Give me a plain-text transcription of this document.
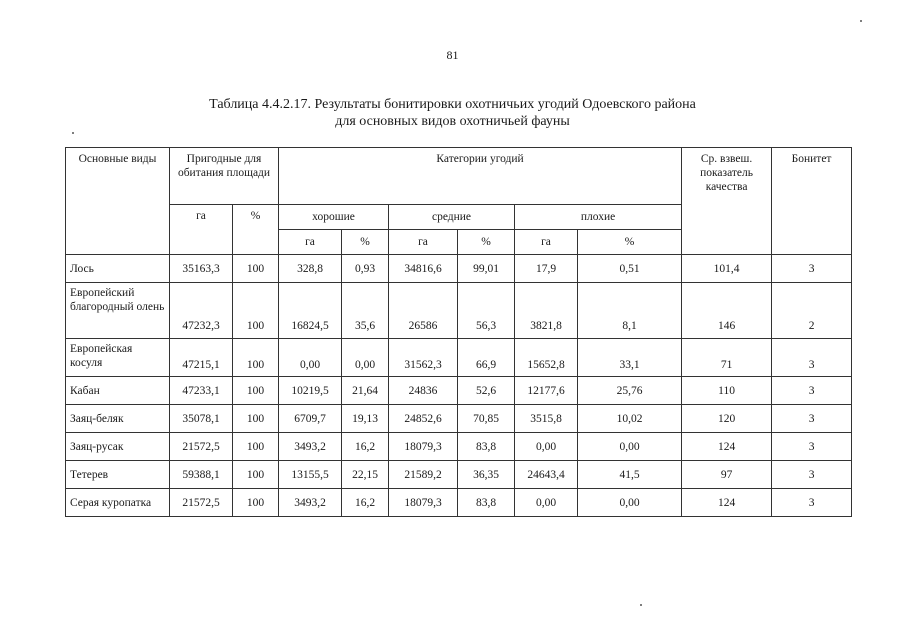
81
Таблица 4.4.2.17. Результаты бонитировки охотничьих угодий Одоевского района
для основных видов охотничьей фауны
Основные виды	Пригодные для обитания площади		Категории угодий						Ср. взвеш. показатель качества	Бонитет
	га	%	хорошие		средние		плохие			
			га	%	га	%	га	%		
Лось	35163,3	100	328,8	0,93	34816,6	99,01	17,9	0,51	101,4	3
Европейский благородный олень	47232,3	100	16824,5	35,6	26586	56,3	3821,8	8,1	146	2
Европейская косуля	47215,1	100	0,00	0,00	31562,3	66,9	15652,8	33,1	71	3
Кабан	47233,1	100	10219,5	21,64	24836	52,6	12177,6	25,76	110	3
Заяц-беляк	35078,1	100	6709,7	19,13	24852,6	70,85	3515,8	10,02	120	3
Заяц-русак	21572,5	100	3493,2	16,2	18079,3	83,8	0,00	0,00	124	3
Тетерев	59388,1	100	13155,5	22,15	21589,2	36,35	24643,4	41,5	97	3
Серая куропатка	21572,5	100	3493,2	16,2	18079,3	83,8	0,00	0,00	124	3
